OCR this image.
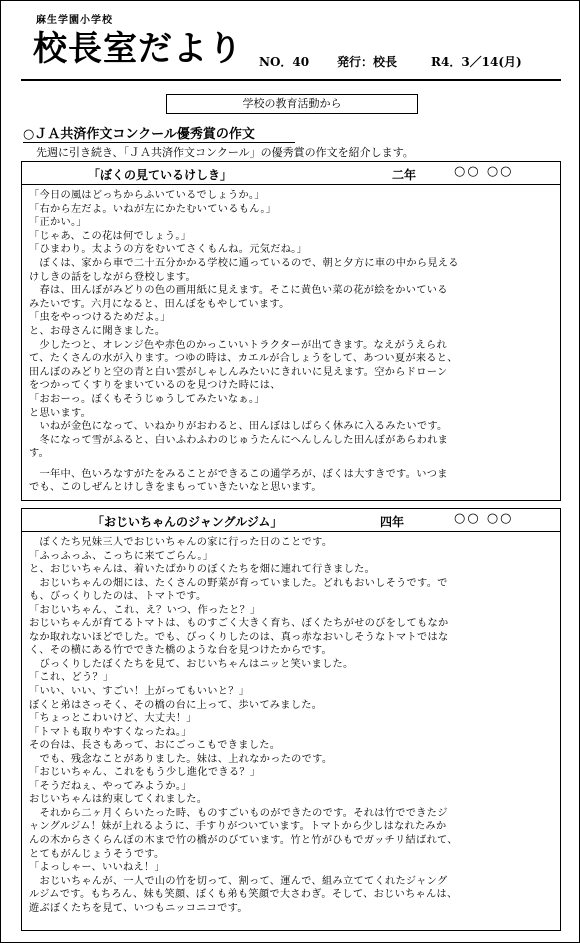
麻生学園小学校
校長室だより NO．40 発行：校長	R4．3／14(月)
学校の教育活動から
○ＪＡ共済作文コンクール優秀賞の作文
先週に引き続き、「ＪＡ共済作文コンクール」の優秀賞の作文を紹介します。
「ぼくの見ているけしき」	二年	○○ ○○
「今日の風はどっちからふいているでしょうか。」
「右から左だよ。いねが左にかたむいているもん。」
「正かい。」
「じゃあ、この花は何でしょう。」
「ひまわり。太ようの方をむいてさくもんね。元気だね。」
　ぼくは、家から車で二十五分かかる学校に通っているので、朝と夕方に車の中から見える
けしきの話をしながら登校します。
　春は、田んぼがみどりの色の画用紙に見えます。そこに黄色い菜の花が絵をかいている
みたいです。六月になると、田んぼをもやしています。
「虫をやっつけるためだよ。」
と、お母さんに聞きました。
　少したつと、オレンジ色や赤色のかっこいいトラクターが出てきます。なえがうえられ
て、たくさんの水が入ります。つゆの時は、カエルが合しょうをして、あつい夏が来ると、
田んぼのみどりと空の青と白い雲がしゃしんみたいにきれいに見えます。空からドローン
をつかってくすりをまいているのを見つけた時には、
「おおーっ。ぼくもそうじゅうしてみたいなぁ。」
と思います。
　いねが金色になって、いねかりがおわると、田んぼはしばらく休みに入るみたいです。
　冬になって雪がふると、白いふわふわのじゅうたんにへんしんした田んぼがあらわれま
す。
　一年中、色いろなすがたをみることができるこの通学ろが、ぼくは大すきです。いつま
でも、このしぜんとけしきをまもっていきたいなと思います。
「おじいちゃんのジャングルジム」	四年	○○ ○○
　ぼくたち兄妹三人でおじいちゃんの家に行った日のことです。
「ふっふっふ、こっちに来てごらん。」
と、おじいちゃんは、着いたばかりのぼくたちを畑に連れて行きました。
　おじいちゃんの畑には、たくさんの野菜が育っていました。どれもおいしそうです。で
も、びっくりしたのは、トマトです。
「おじいちゃん、これ、え？いつ、作ったと？」
おじいちゃんが育てるトマトは、ものすごく大きく育ち、ぼくたちがせのびをしてもなか
なか取れないほどでした。でも、びっくりしたのは、真っ赤なおいしそうなトマトではな
く、その横にある竹でできた橋のような台を見つけたからです。
　びっくりしたぼくたちを見て、おじいちゃんはニッと笑いました。
「これ、どう？」
「いい、いい、すごい！上がってもいいと？」
ぼくと弟はさっそく、その橋の台に上って、歩いてみました。
「ちょっとこわいけど、大丈夫！」
「トマトも取りやすくなったね。」
その台は、長さもあって、おにごっこもできました。
　でも、残念なことがありました。妹は、上れなかったのです。
「おじいちゃん、これをもう少し進化できる？」
「そうだねぇ、やってみようか。」
おじいちゃんは約束してくれました。
　それから二ヶ月くらいたった時、ものすごいものができたのです。それは竹でできたジ
ャングルジム！妹が上れるように、手すりがついています。トマトから少しはなれたみか
んの木からさくらんぼの木まで竹の橋がのびています。竹と竹がひもでガッチリ結ばれて、
とてもがんじょうそうです。
「よっしゃー、いいねえ！」
　おじいちゃんが、一人で山の竹を切って、割って、運んで、組み立ててくれたジャング
ルジムです。もちろん、妹も笑顔、ぼくも弟も笑顔で大さわぎ。そして、おじいちゃんは、
遊ぶぼくたちを見て、いつもニッコニコです。
